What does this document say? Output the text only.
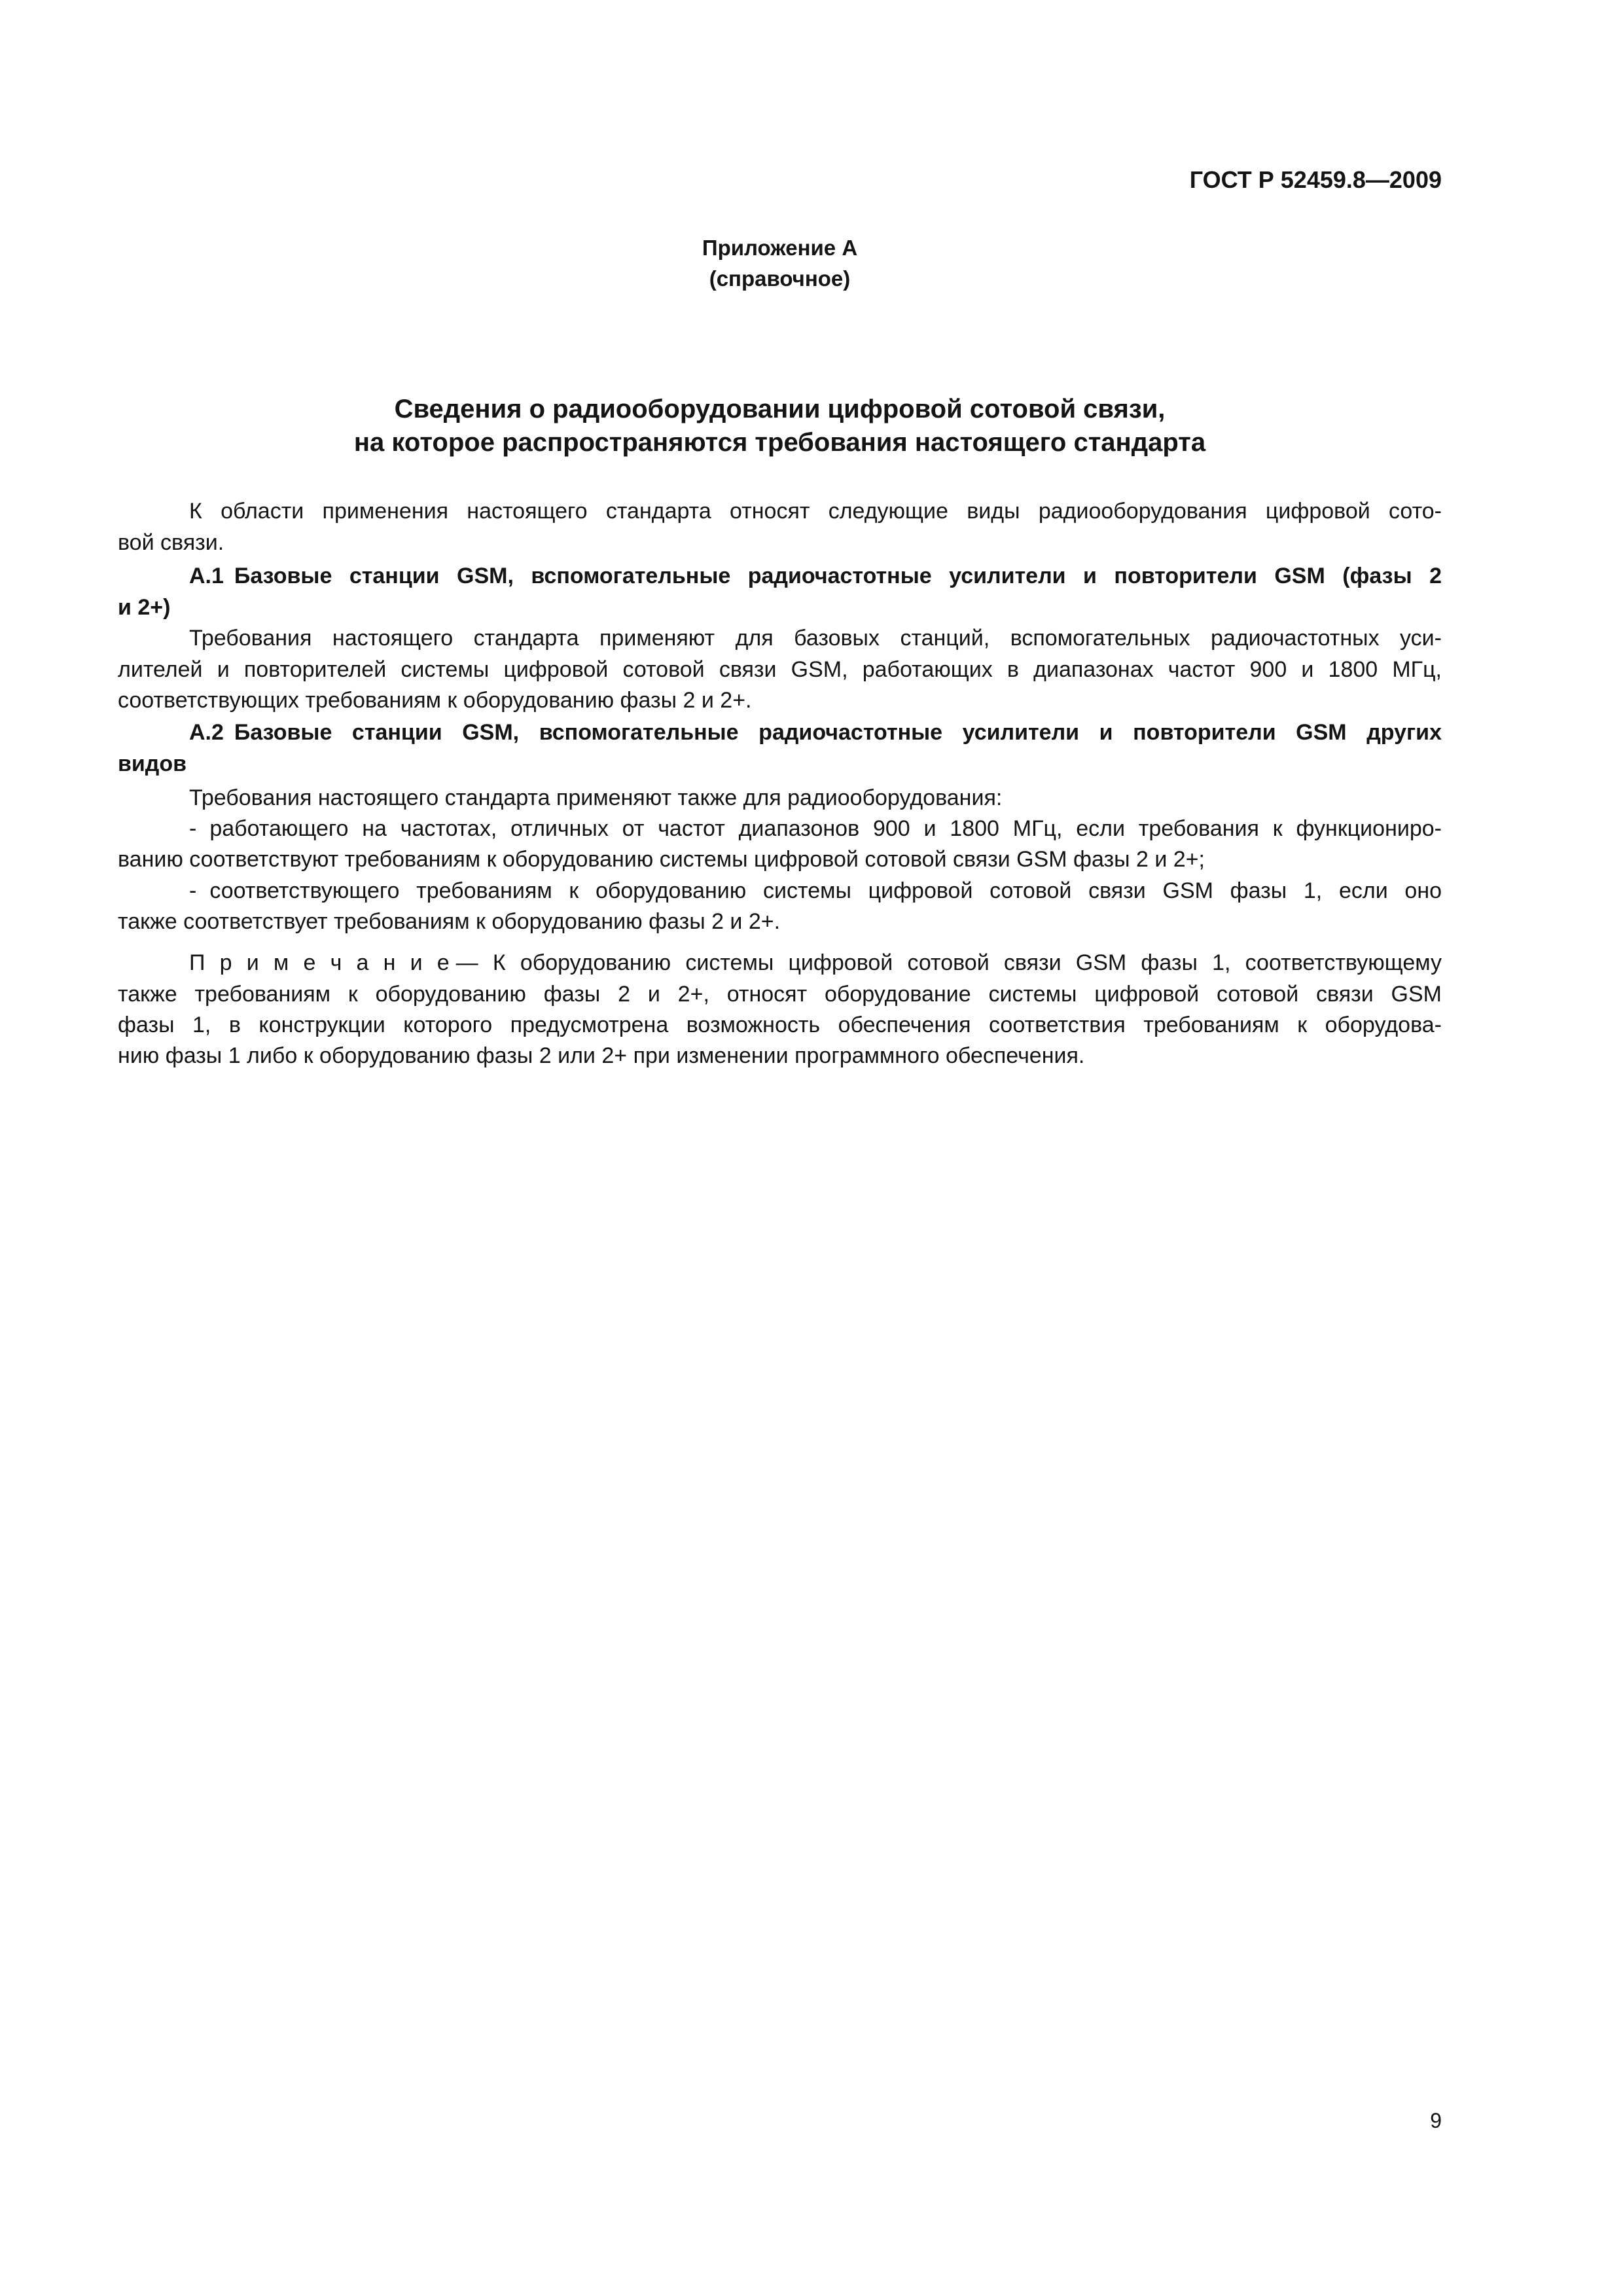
ГОСТ Р 52459.8—2009
Приложение А
(справочное)
Сведения о радиооборудовании цифровой сотовой связи,
на которое распространяются требования настоящего стандарта
К области применения настоящего стандарта относят следующие виды радиооборудования цифровой сото-
вой связи.
А.1 Базовые станции GSM, вспомогательные радиочастотные усилители и повторители GSM (фазы 2
и 2+)
Требования настоящего стандарта применяют для базовых станций, вспомогательных радиочастотных уси-
лителей и повторителей системы цифровой сотовой связи GSM, работающих в диапазонах частот 900 и 1800 МГц,
соответствующих требованиям к оборудованию фазы 2 и 2+.
А.2 Базовые станции GSM, вспомогательные радиочастотные усилители и повторители GSM других
видов
Требования настоящего стандарта применяют также для радиооборудования:
- работающего на частотах, отличных от частот диапазонов 900 и 1800 МГц, если требования к функциониро-
ванию соответствуют требованиям к оборудованию системы цифровой сотовой связи GSM фазы 2 и 2+;
- соответствующего требованиям к оборудованию системы цифровой сотовой связи GSM фазы 1, если оно
также соответствует требованиям к оборудованию фазы 2 и 2+.
П р и м е ч а н и е — К оборудованию системы цифровой сотовой связи GSM фазы 1, соответствующему
также требованиям к оборудованию фазы 2 и 2+, относят оборудование системы цифровой сотовой связи GSM
фазы 1, в конструкции которого предусмотрена возможность обеспечения соответствия требованиям к оборудова-
нию фазы 1 либо к оборудованию фазы 2 или 2+ при изменении программного обеспечения.
9
